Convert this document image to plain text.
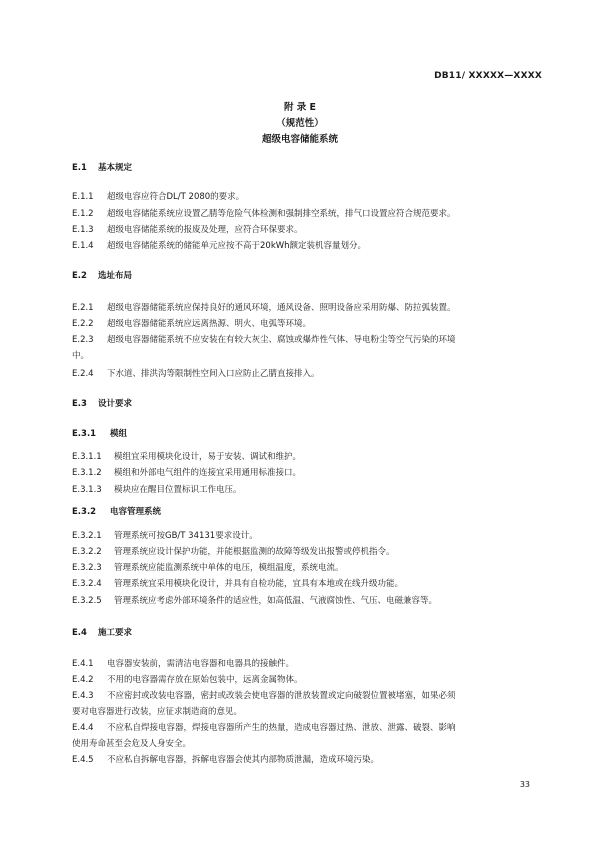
DB11/ XXXXX—XXXX
附 录 E
（规范性）
超级电容储能系统
E.1 基本规定
E.1.1 超级电容应符合DL/T 2080的要求。
E.1.2 超级电容储能系统应设置乙腈等危险气体检测和强制排空系统，排气口设置应符合规范要求。
E.1.3 超级电容储能系统的报废及处理，应符合环保要求。
E.1.4 超级电容储能系统的储能单元应按不高于20kWh额定装机容量划分。
E.2 选址布局
E.2.1 超级电容器储能系统应保持良好的通风环境，通风设备、照明设备应采用防爆、防拉弧装置。
E.2.2 超级电容器储能系统应远离热源、明火、电弧等环境。
E.2.3 超级电容器储能系统不应安装在有较大灰尘、腐蚀或爆炸性气体、导电粉尘等空气污染的环境
中。
E.2.4 下水道、排洪沟等限制性空间入口应防止乙腈直接排入。
E.3 设计要求
E.3.1 模组
E.3.1.1 模组宜采用模块化设计，易于安装、调试和维护。
E.3.1.2 模组和外部电气组件的连接宜采用通用标准接口。
E.3.1.3 模块应在醒目位置标识工作电压。
E.3.2 电容管理系统
E.3.2.1 管理系统可按GB/T 34131要求设计。
E.3.2.2 管理系统应设计保护功能，并能根据监测的故障等级发出报警或停机指令。
E.3.2.3 管理系统应能监测系统中单体的电压，模组温度，系统电流。
E.3.2.4 管理系统宜采用模块化设计，并具有自检功能，宜具有本地或在线升级功能。
E.3.2.5 管理系统应考虑外部环境条件的适应性，如高低温、气液腐蚀性、气压、电磁兼容等。
E.4 施工要求
E.4.1 电容器安装前，需清洁电容器和电器具的接触件。
E.4.2 不用的电容器需存放在原始包装中，远离金属物体。
E.4.3 不应密封或改装电容器，密封或改装会使电容器的泄放装置或定向破裂位置被堵塞，如果必须
要对电容器进行改装，应征求制造商的意见。
E.4.4 不应私自焊接电容器，焊接电容器所产生的热量，造成电容器过热、泄放、泄露、破裂、影响
使用寿命甚至会危及人身安全。
E.4.5 不应私自拆解电容器，拆解电容器会使其内部物质泄漏，造成环境污染。
33
